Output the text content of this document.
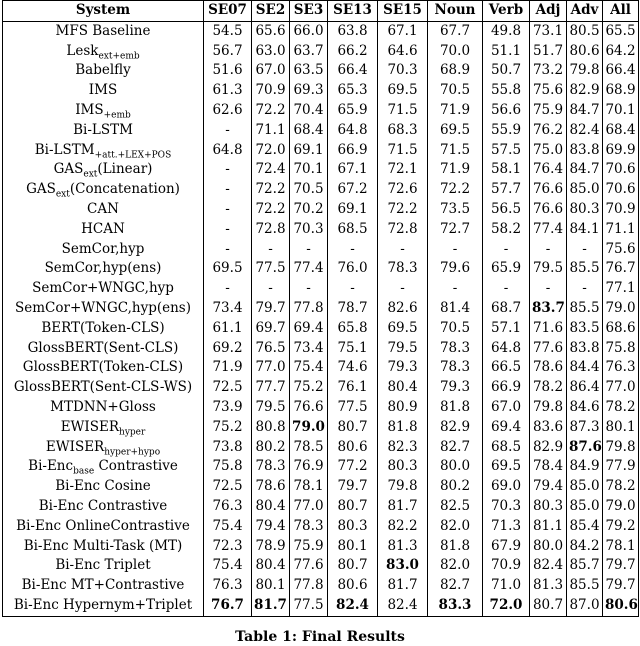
System	SE07	SE2	SE3	SE13	SE15	Noun	Verb	Adj	Adv	All
MFS Baseline	54.5	65.6	66.0	63.8	67.1	67.7	49.8	73.1	80.5	65.5
Lesk$_{ext+emb}$	56.7	63.0	63.7	66.2	64.6	70.0	51.1	51.7	80.6	64.2
Babelfly	51.6	67.0	63.5	66.4	70.3	68.9	50.7	73.2	79.8	66.4
IMS	61.3	70.9	69.3	65.3	69.5	70.5	55.8	75.6	82.9	68.9
$IMS_{+emb}$	62.6	72.2	70.4	65.9	71.5	71.9	56.6	75.9	84.7	70.1
Bi-LSTM	-	71.1	68.4	64.8	68.3	69.5	55.9	76.2	82.4	68.4
$Bi-LSTM_{+att.+LEX+POS}$	64.8	72.0	69.1	66.9	71.5	71.5	57.5	75.0	83.8	69.9
$GAS_{ext}(Linear)$	-	72.4	70.1	67.1	72.1	71.9	58.1	76.4	84.7	70.6
$GAS_{ext}(Concatenation)$	-	72.2	70.5	67.2	72.6	72.2	57.7	76.6	85.0	70.6
CAN	-	72.2	70.2	69.1	72.2	73.5	56.5	76.6	80.3	70.9
HCAN	-	72.8	70.3	68.5	72.8	72.7	58.2	77.4	84.1	71.1
SemCor,hyp	-	-	-	-	-	-	-	-	-	75.6
SemCor,hyp(ens)	69.5	77.5	77.4	76.0	78.3	79.6	65.9	79.5	85.5	76.7
SemCor+WNGC,hyp	-	-	-	-	-	-	-	-	-	77.1
SemCor+WNGC,hyp(ens)	73.4	79.7	77.8	78.7	82.6	81.4	68.7	83.7	85.5	79.0
BERT(Token-CLS)	61.1	69.7	69.4	65.8	69.5	70.5	57.1	71.6	83.5	68.6
GlossBERT(Sent-CLS)	69.2	76.5	73.4	75.1	79.5	78.3	64.8	77.6	83.8	75.8
GlossBERT(Token-CLS)	71.9	77.0	75.4	74.6	79.3	78.3	66.5	78.6	84.4	76.3
GlossBERT(Sent-CLS-WS)	72.5	77.7	75.2	76.1	80.4	79.3	66.9	78.2	86.4	77.0
MTDNN+Gloss	73.9	79.5	76.6	77.5	80.9	81.8	67.0	79.8	84.6	78.2
$EWISER_{hyper}$	75.2	80.8	79.0	80.7	81.8	82.9	69.4	83.6	87.3	80.1
$EWISER_{hyper+hypo}$	73.8	80.2	78.5	80.6	82.3	82.7	68.5	82.9	87.6	79.8
Bi-Enc$_{base}$ Contrastive	75.8	78.3	76.9	77.2	80.3	80.0	69.5	78.4	84.9	77.9
Bi-Enc Cosine	72.5	78.6	78.1	79.7	79.8	80.2	69.0	79.4	85.0	78.2
Bi-Enc Contrastive	76.3	80.4	77.0	80.7	81.7	82.5	70.3	80.3	85.0	79.0
Bi-Enc OnlineContrastive	75.4	79.4	78.3	80.3	82.2	82.0	71.3	81.1	85.4	79.2
Bi-Enc Multi-Task (MT)	72.3	78.9	75.9	80.1	81.3	81.8	67.9	80.0	84.2	78.1
Bi-Enc Triplet	75.4	80.4	77.6	80.7	83.0	82.0	70.9	82.4	85.7	79.7
Bi-Enc MT+Contrastive	76.3	80.1	77.8	80.6	81.7	82.7	71.0	81.3	85.5	79.7
Bi-Enc Hypernym+Triplet	76.7	81.7	77.5	82.4	82.4	83.3	72.0	80.7	87.0	80.6
Table 1: Final Results
